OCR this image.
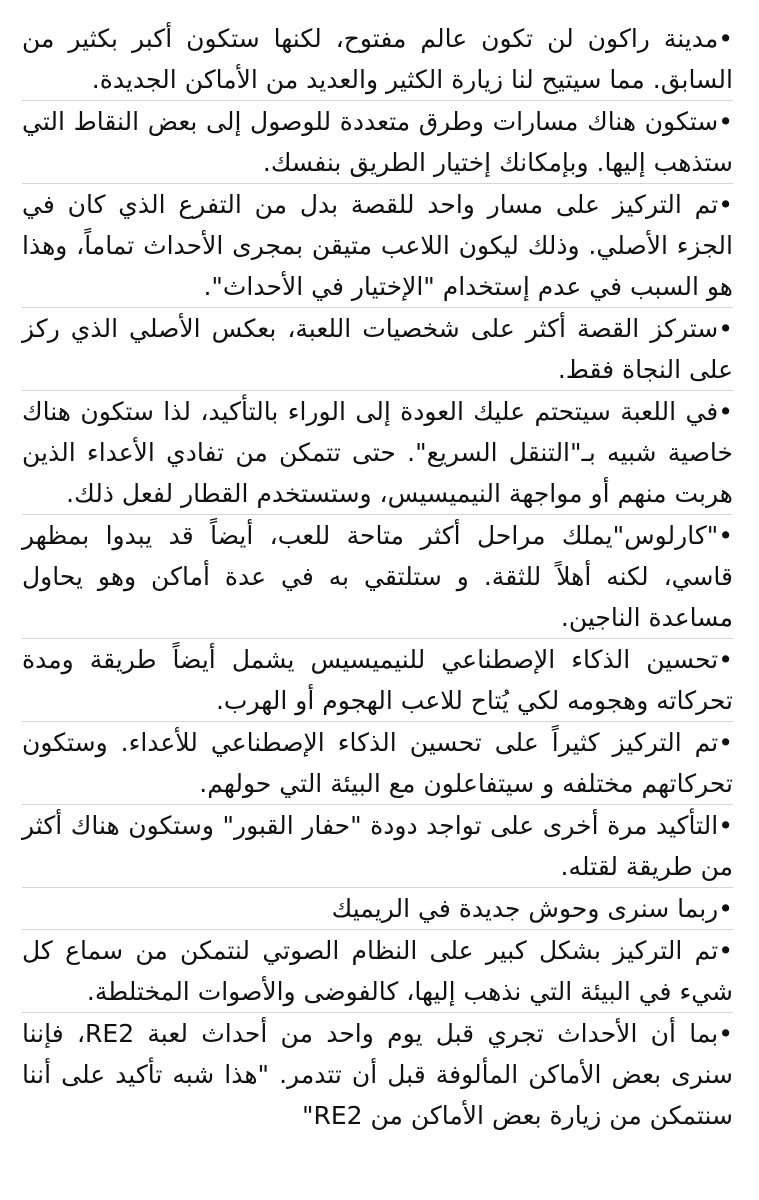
•مدينة راكون لن تكون عالم مفتوح، لكنها ستكون أكبر بكثير من السابق. مما سيتيح لنا زيارة الكثير والعديد من الأماكن الجديدة.

•ستكون هناك مسارات وطرق متعددة للوصول إلى بعض النقاط التي ستذهب إليها. وبإمكانك إختيار الطريق بنفسك.

•تم التركيز على مسار واحد للقصة بدل من التفرع الذي كان في الجزء الأصلي. وذلك ليكون اللاعب متيقن بمجرى الأحداث تماماً، وهذا هو السبب في عدم إستخدام "الإختيار في الأحداث".

•ستركز القصة أكثر على شخصيات اللعبة، بعكس الأصلي الذي ركز على النجاة فقط.

•في اللعبة سيتحتم عليك العودة إلى الوراء بالتأكيد، لذا ستكون هناك خاصية شبيه بـ"التنقل السريع". حتى تتمكن من تفادي الأعداء الذين هربت منهم أو مواجهة النيميسيس، وستستخدم القطار لفعل ذلك.

•"كارلوس"يملك مراحل أكثر متاحة للعب، أيضاً قد يبدوا بمظهر قاسي، لكنه أهلاً للثقة. و ستلتقي به في عدة أماكن وهو يحاول مساعدة الناجين.

•تحسين الذكاء الإصطناعي للنيميسيس يشمل أيضاً طريقة ومدة تحركاته وهجومه لكي يُتاح للاعب الهجوم أو الهرب.

•تم التركيز كثيراً على تحسين الذكاء الإصطناعي للأعداء. وستكون تحركاتهم مختلفه و سيتفاعلون مع البيئة التي حولهم.

•التأكيد مرة أخرى على تواجد دودة "حفار القبور" وستكون هناك أكثر من طريقة لقتله.

•ربما سنرى وحوش جديدة في الريميك

•تم التركيز بشكل كبير على النظام الصوتي لنتمكن من سماع كل شيء في البيئة التي نذهب إليها، كالفوضى والأصوات المختلطة.

•بما أن الأحداث تجري قبل يوم واحد من أحداث لعبة RE2، فإننا سنرى بعض الأماكن المألوفة قبل أن تتدمر. "هذا شبه تأكيد على أننا سنتمكن من زيارة بعض الأماكن من RE2"
